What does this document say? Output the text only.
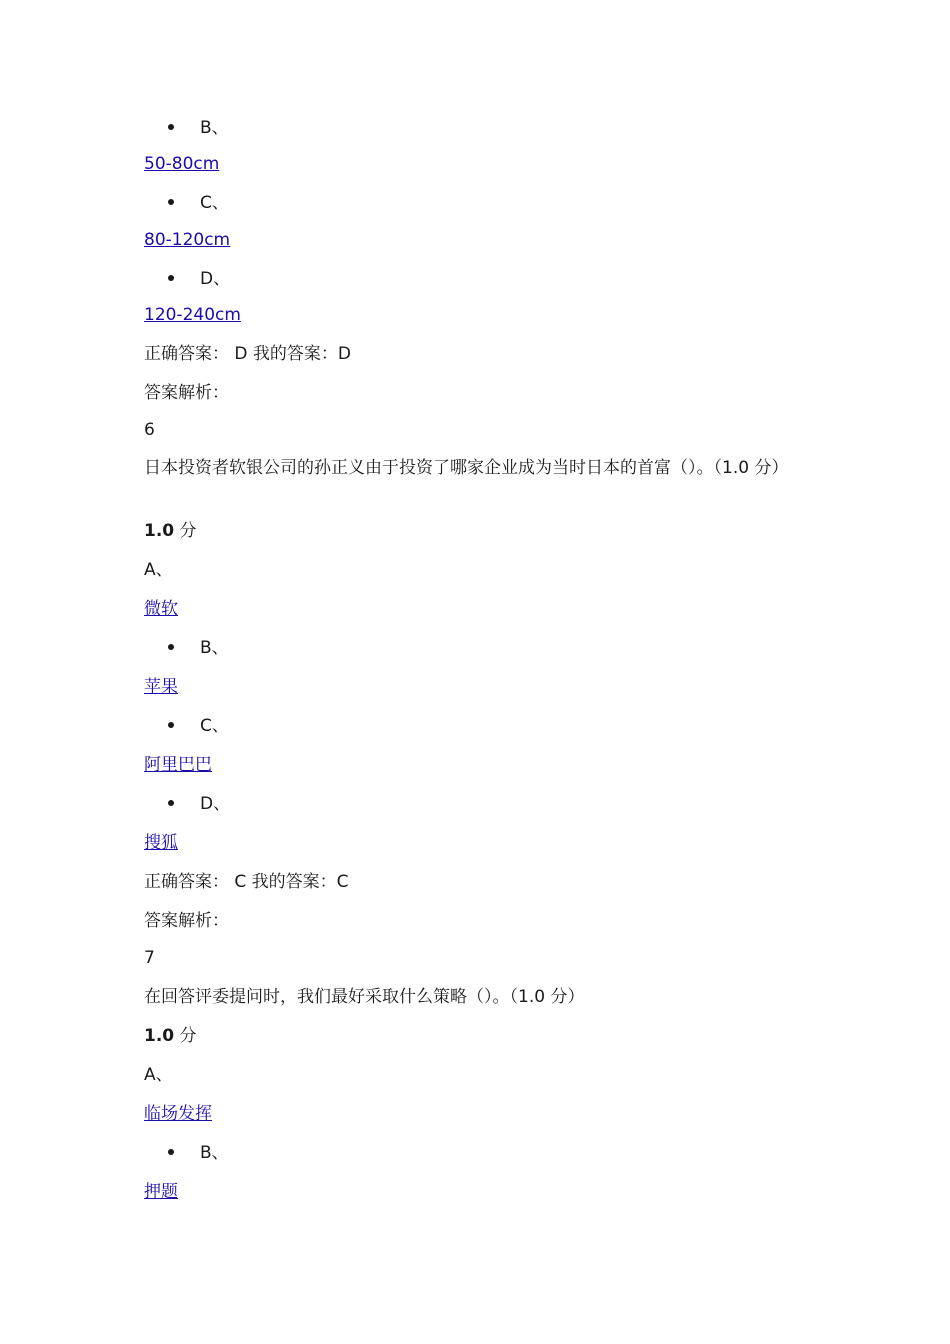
B、
50-80cm
C、
80-120cm
D、
120-240cm
正确答案： D 我的答案：D
答案解析：
6
日本投资者软银公司的孙正义由于投资了哪家企业成为当时日本的首富（）。（1.0 分）
1.0 分
A、
微软
B、
苹果
C、
阿里巴巴
D、
搜狐
正确答案： C 我的答案：C
答案解析：
7
在回答评委提问时，我们最好采取什么策略（）。（1.0 分）
1.0 分
A、
临场发挥
B、
押题
